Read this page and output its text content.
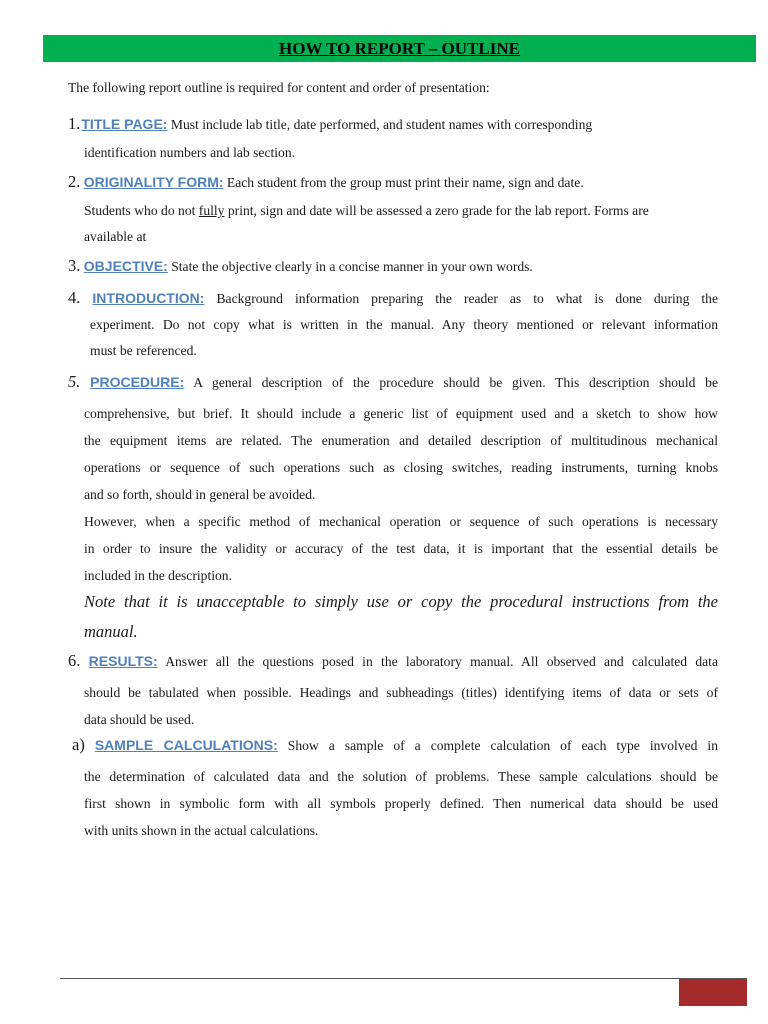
HOW TO REPORT – OUTLINE
The following report outline is required for content and order of presentation:
1.TITLE PAGE: Must include lab title, date performed, and student names with corresponding
identification numbers and lab section.
2. ORIGINALITY FORM: Each student from the group must print their name, sign and date.
Students who do not fully print, sign and date will be assessed a zero grade for the lab report. Forms are
available at
3. OBJECTIVE: State the objective clearly in a concise manner in your own words.
4. INTRODUCTION: Background information preparing the reader as to what is done during the
experiment. Do not copy what is written in the manual. Any theory mentioned or relevant information
must be referenced.
5. PROCEDURE: A general description of the procedure should be given. This description should be
comprehensive, but brief. It should include a generic list of equipment used and a sketch to show how
the equipment items are related. The enumeration and detailed description of multitudinous mechanical
operations or sequence of such operations such as closing switches, reading instruments, turning knobs
and so forth, should in general be avoided.
However, when a specific method of mechanical operation or sequence of such operations is necessary
in order to insure the validity or accuracy of the test data, it is important that the essential details be
included in the description.
Note that it is unacceptable to simply use or copy the procedural instructions from the
manual.
6. RESULTS: Answer all the questions posed in the laboratory manual. All observed and calculated data
should be tabulated when possible. Headings and subheadings (titles) identifying items of data or sets of
data should be used.
a) SAMPLE CALCULATIONS: Show a sample of a complete calculation of each type involved in
the determination of calculated data and the solution of problems. These sample calculations should be
first shown in symbolic form with all symbols properly defined. Then numerical data should be used
with units shown in the actual calculations.
